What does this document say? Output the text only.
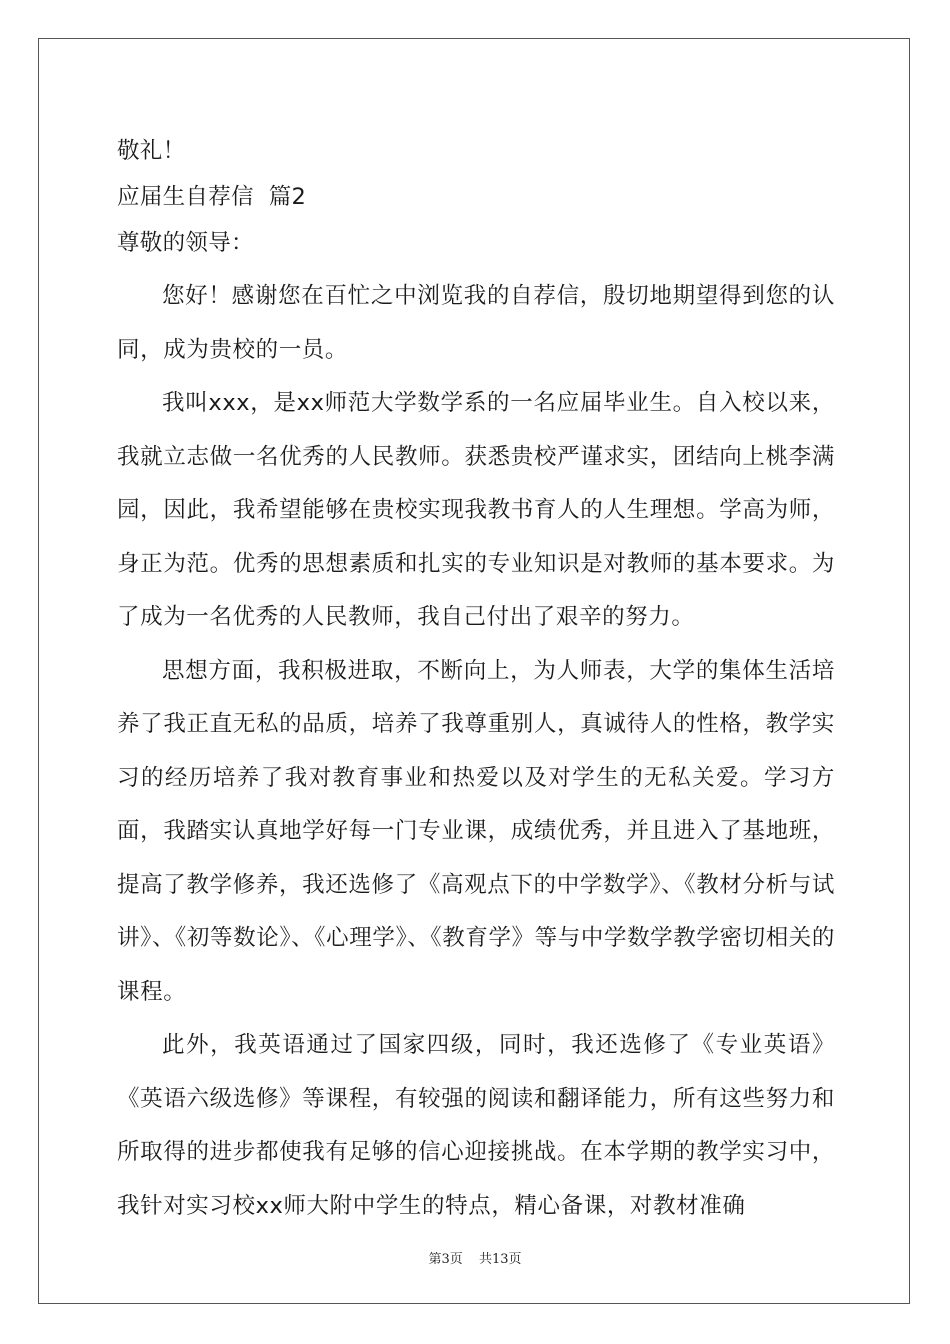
敬礼！
应届生自荐信  篇2
尊敬的领导：

您好！感谢您在百忙之中浏览我的自荐信，殷切地期望得到您的认同，成为贵校的一员。

我叫xxx，是xx师范大学数学系的一名应届毕业生。自入校以来，我就立志做一名优秀的人民教师。获悉贵校严谨求实，团结向上桃李满园，因此，我希望能够在贵校实现我教书育人的人生理想。学高为师，身正为范。优秀的思想素质和扎实的专业知识是对教师的基本要求。为了成为一名优秀的人民教师，我自己付出了艰辛的努力。

思想方面，我积极进取，不断向上，为人师表，大学的集体生活培养了我正直无私的品质，培养了我尊重别人，真诚待人的性格，教学实习的经历培养了我对教育事业和热爱以及对学生的无私关爱。学习方面，我踏实认真地学好每一门专业课，成绩优秀，并且进入了基地班，提高了教学修养，我还选修了《高观点下的中学数学》、《教材分析与试讲》、《初等数论》、《心理学》、《教育学》等与中学数学教学密切相关的课程。

此外，我英语通过了国家四级，同时，我还选修了《专业英语》《英语六级选修》等课程，有较强的阅读和翻译能力，所有这些努力和所取得的进步都使我有足够的信心迎接挑战。在本学期的教学实习中，我针对实习校xx师大附中学生的特点，精心备课，对教材准确

第3页 共13页
